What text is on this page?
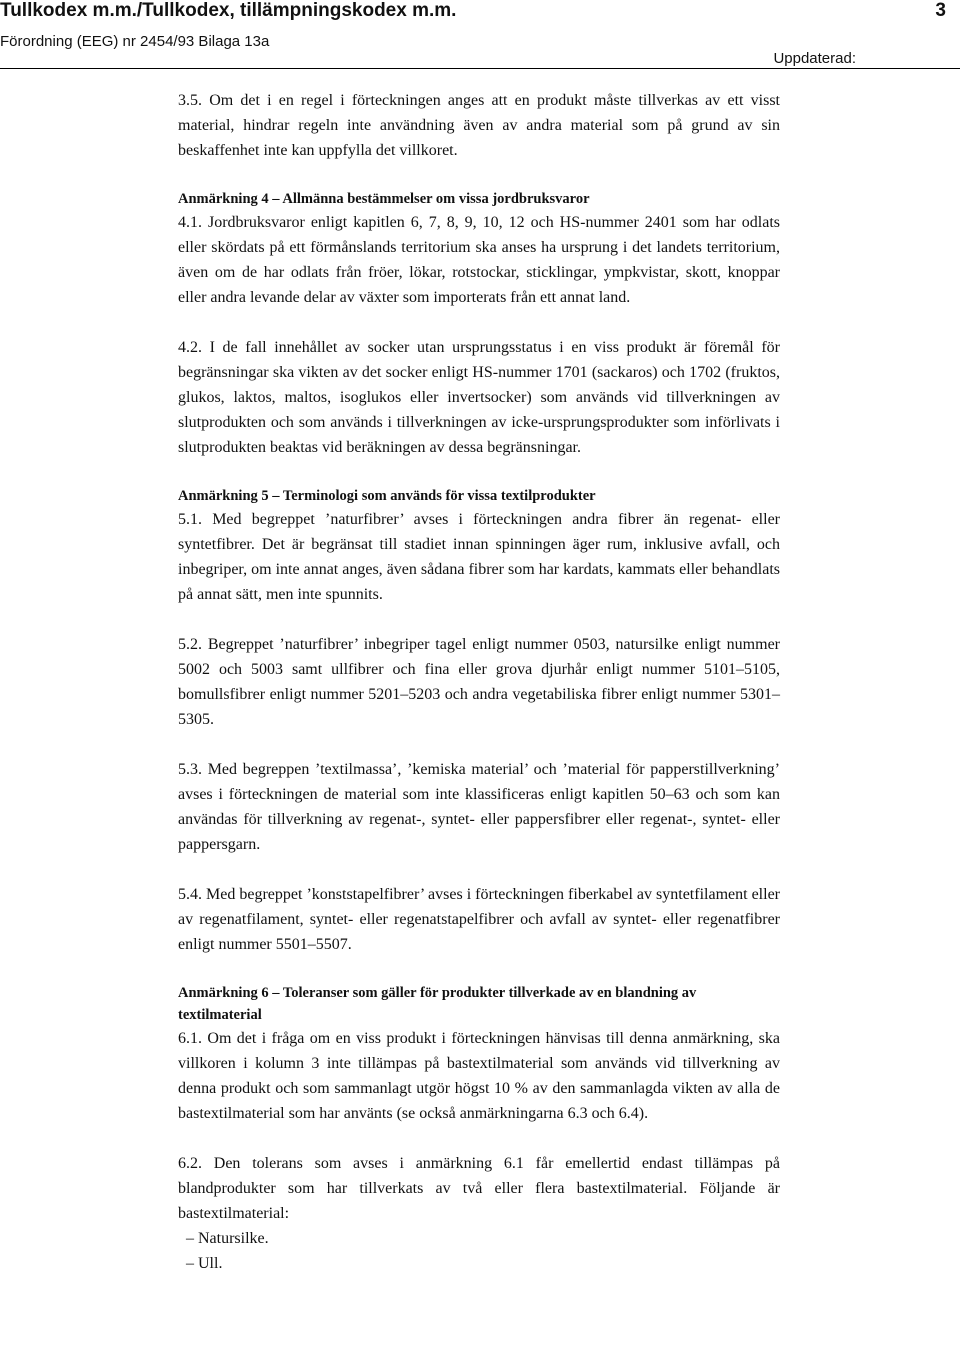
Tullkodex m.m./Tullkodex, tillämpningskodex m.m.	3
Förordning (EEG) nr 2454/93 Bilaga 13a
Uppdaterad:

3.5. Om det i en regel i förteckningen anges att en produkt måste tillverkas av ett visst material, hindrar regeln inte användning även av andra material som på grund av sin beskaffenhet inte kan uppfylla det villkoret.

Anmärkning 4 – Allmänna bestämmelser om vissa jordbruksvaror

4.1. Jordbruksvaror enligt kapitlen 6, 7, 8, 9, 10, 12 och HS-nummer 2401 som har odlats eller skördats på ett förmånslands territorium ska anses ha ursprung i det landets territorium, även om de har odlats från fröer, lökar, rotstockar, sticklingar, ympkvistar, skott, knoppar eller andra levande delar av växter som importerats från ett annat land.

4.2. I de fall innehållet av socker utan ursprungsstatus i en viss produkt är föremål för begränsningar ska vikten av det socker enligt HS-nummer 1701 (sackaros) och 1702 (fruktos, glukos, laktos, maltos, isoglukos eller invertsocker) som används vid tillverkningen av slutprodukten och som används i tillverkningen av icke-ursprungsprodukter som införlivats i slutprodukten beaktas vid beräkningen av dessa begränsningar.

Anmärkning 5 – Terminologi som används för vissa textilprodukter

5.1. Med begreppet ’naturfibrer’ avses i förteckningen andra fibrer än regenat- eller syntetfibrer. Det är begränsat till stadiet innan spinningen äger rum, inklusive avfall, och inbegriper, om inte annat anges, även sådana fibrer som har kardats, kammats eller behandlats på annat sätt, men inte spunnits.

5.2. Begreppet ’naturfibrer’ inbegriper tagel enligt nummer 0503, natursilke enligt nummer 5002 och 5003 samt ullfibrer och fina eller grova djurhår enligt nummer 5101–5105, bomullsfibrer enligt nummer 5201–5203 och andra vegetabiliska fibrer enligt nummer 5301–5305.

5.3. Med begreppen ’textilmassa’, ’kemiska material’ och ’material för papperstillverkning’ avses i förteckningen de material som inte klassificeras enligt kapitlen 50–63 och som kan användas för tillverkning av regenat-, syntet- eller pappersfibrer eller regenat-, syntet- eller pappersgarn.

5.4. Med begreppet ’konststapelfibrer’ avses i förteckningen fiberkabel av syntetfilament eller av regenatfilament, syntet- eller regenatstapelfibrer och avfall av syntet- eller regenatfibrer enligt nummer 5501–5507.

Anmärkning 6 – Toleranser som gäller för produkter tillverkade av en blandning av textilmaterial

6.1. Om det i fråga om en viss produkt i förteckningen hänvisas till denna anmärkning, ska villkoren i kolumn 3 inte tillämpas på bastextilmaterial som används vid tillverkning av denna produkt och som sammanlagt utgör högst 10 % av den sammanlagda vikten av alla de bastextilmaterial som har använts (se också anmärkningarna 6.3 och 6.4).

6.2. Den tolerans som avses i anmärkning 6.1 får emellertid endast tillämpas på blandprodukter som har tillverkats av två eller flera bastextilmaterial. Följande är bastextilmaterial:

– Natursilke.

– Ull.
